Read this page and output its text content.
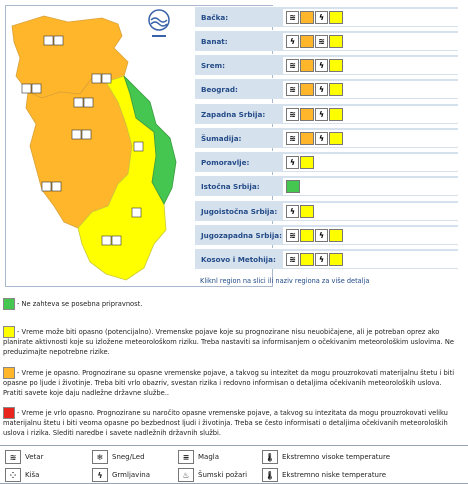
Bačka:	≋	ϟ
Banat:	ϟ	≋
Srem:	≋	ϟ
Beograd:	≋	ϟ
Zapadna Srbija:	≋	ϟ
Šumadija:	≋	ϟ
Pomoravlje:	ϟ
Istočna Srbija:
Jugoistočna Srbija:	ϟ
Jugozapadna Srbija: ≋	ϟ
Kosovo i Metohija:	≋	ϟ
Kliknl region na slici ili naziv regiona za više detalja
- Ne zahteva se posebna pripravnost.
- Vreme može biti opasno (potencijalno). Vremenske pojave koje su prognozirane nisu neuobičajene, ali je potreban oprez ako planirate aktivnosti koje su izložene meteorološkom riziku. Treba nastaviti sa informisanjem o očekivanim meteorološkim uslovima. Ne preduzimajte nepotrebne rizike.
- Vreme je opasno. Prognozirane su opasne vremenske pojave, a takvog su intezitet da mogu prouzrokovati materijalnu štetu i biti opasne po ljude i životinje. Treba biti vrlo obazriv, svestan rizika i redovno informisan o detaljima očekivanih meteoroloških uslova. Pratiti savete koje daju nadležne državne službe..
- Vreme je vrlo opasno. Prognozirane su naročito opasne vremenske pojave, a takvog su intezitata da mogu prouzrokovati veliku materijalnu štetu i biti veoma opasne po bezbednost ljudi i životinja. Treba se često informisati o detaljima očekivanih meteoroloških uslova i rizika. Slediti naredbe i savete nadležnih državnih službi.
≋	Vetar	❄	Sneg/Led	≡	Magla	🌡 Ekstremno visoke temperature
⁘	Kiša	ϟ	Grmljavina	♨	Šumski požari	🌡 Ekstremno niske temperature
